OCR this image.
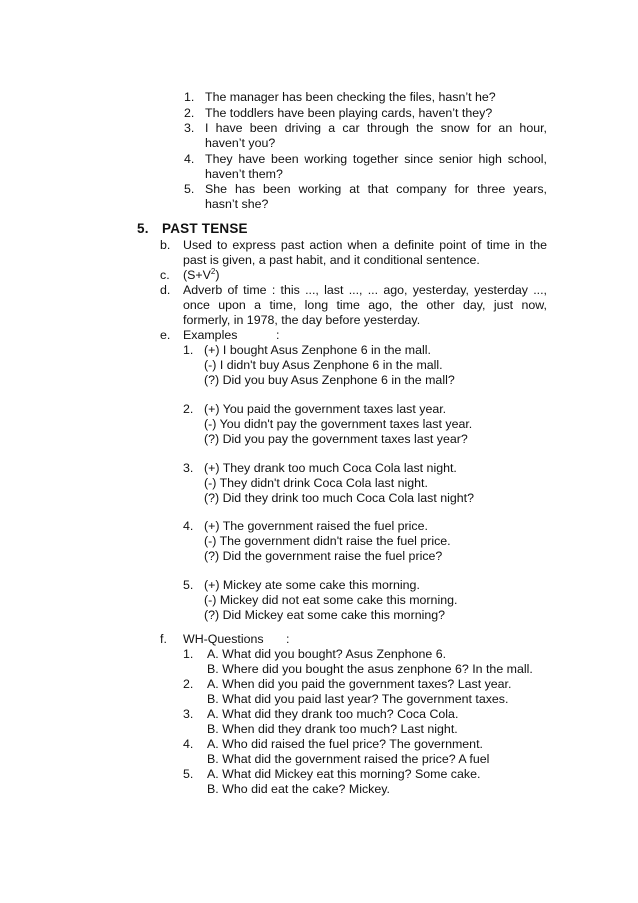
1. The manager has been checking the files, hasn’t he?
2. The toddlers have been playing cards, haven’t they?
3. I have been driving a car through the snow for an hour,
haven’t you?
4. They have been working together since senior high school,
haven’t them?
5. She has been working at that company for three years,
hasn’t she?
5. PAST TENSE
b. Used to express past action when a definite point of time in the
past is given, a past habit, and it conditional sentence.
c. $(S+V^2)$
d. Adverb of time : this ..., last ..., ... ago, yesterday, yesterday ...,
once upon a time, long time ago, the other day, just now,
formerly, in 1978, the day before yesterday.
e. Examples	:
1. (+) I bought Asus Zenphone 6 in the mall.
(-) I didn't buy Asus Zenphone 6 in the mall.
(?) Did you buy Asus Zenphone 6 in the mall?
2. (+) You paid the government taxes last year.
(-) You didn't pay the government taxes last year.
(?) Did you pay the government taxes last year?
3. (+) They drank too much Coca Cola last night.
(-) They didn't drink Coca Cola last night.
(?) Did they drink too much Coca Cola last night?
4. (+) The government raised the fuel price.
(-) The government didn't raise the fuel price.
(?) Did the government raise the fuel price?
5. (+) Mickey ate some cake this morning.
(-) Mickey did not eat some cake this morning.
(?) Did Mickey eat some cake this morning?
f. WH-Questions :
1. A. What did you bought? Asus Zenphone 6.
B. Where did you bought the asus zenphone 6? In the mall.
2. A. When did you paid the government taxes? Last year.
B. What did you paid last year? The government taxes.
3. A. What did they drank too much? Coca Cola.
B. When did they drank too much? Last night.
4. A. Who did raised the fuel price? The government.
B. What did the government raised the price? A fuel
5. A. What did Mickey eat this morning? Some cake.
B. Who did eat the cake? Mickey.
